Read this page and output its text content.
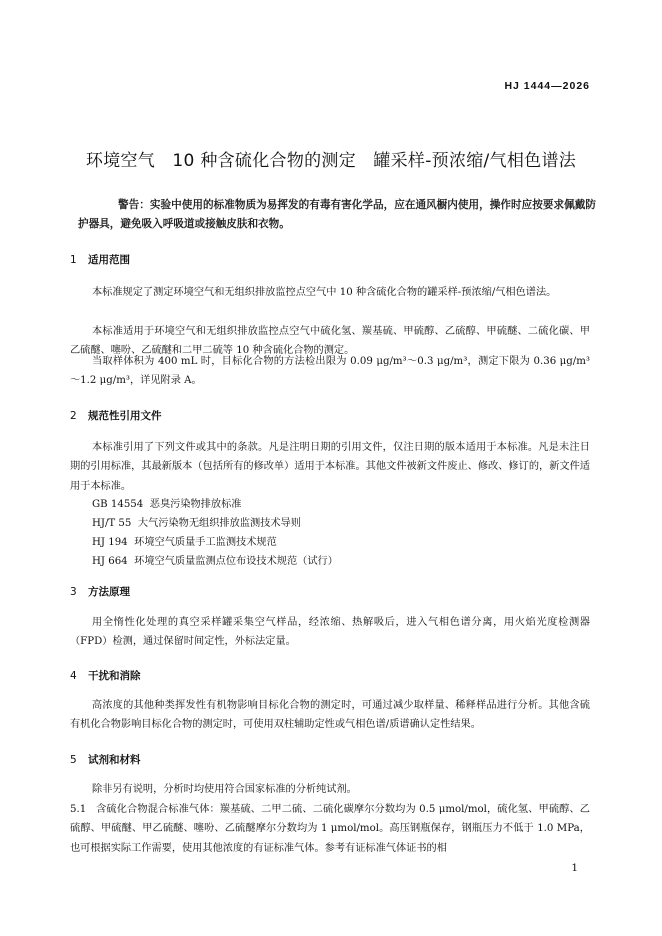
HJ 1444—2026
环境空气　10 种含硫化合物的测定　罐采样-预浓缩/气相色谱法
警告：实验中使用的标准物质为易挥发的有毒有害化学品，应在通风橱内使用，操作时应按要求佩戴防护器具，避免吸入呼吸道或接触皮肤和衣物。
1 适用范围
本标准规定了测定环境空气和无组织排放监控点空气中 10 种含硫化合物的罐采样-预浓缩/气相色谱法。
本标准适用于环境空气和无组织排放监控点空气中硫化氢、羰基硫、甲硫醇、乙硫醇、甲硫醚、二硫化碳、甲乙硫醚、噻吩、乙硫醚和二甲二硫等 10 种含硫化合物的测定。
当取样体积为 400 mL 时，目标化合物的方法检出限为 0.09 μg/m³～0.3 μg/m³，测定下限为 0.36 μg/m³～1.2 μg/m³，详见附录 A。
2 规范性引用文件
本标准引用了下列文件或其中的条款。凡是注明日期的引用文件，仅注日期的版本适用于本标准。凡是未注日期的引用标准，其最新版本（包括所有的修改单）适用于本标准。其他文件被新文件废止、修改、修订的，新文件适用于本标准。
GB 14554 恶臭污染物排放标准
HJ/T 55 大气污染物无组织排放监测技术导则
HJ 194 环境空气质量手工监测技术规范
HJ 664 环境空气质量监测点位布设技术规范（试行）
3 方法原理
用全惰性化处理的真空采样罐采集空气样品，经浓缩、热解吸后，进入气相色谱分离，用火焰光度检测器（FPD）检测，通过保留时间定性，外标法定量。
4 干扰和消除
高浓度的其他种类挥发性有机物影响目标化合物的测定时，可通过减少取样量、稀释样品进行分析。其他含硫有机化合物影响目标化合物的测定时，可使用双柱辅助定性或气相色谱/质谱确认定性结果。
5 试剂和材料
除非另有说明，分析时均使用符合国家标准的分析纯试剂。
5.1 含硫化合物混合标准气体：羰基硫、二甲二硫、二硫化碳摩尔分数均为 0.5 μmol/mol，硫化氢、甲硫醇、乙硫醇、甲硫醚、甲乙硫醚、噻吩、乙硫醚摩尔分数均为 1 μmol/mol。高压钢瓶保存，钢瓶压力不低于 1.0 MPa，也可根据实际工作需要，使用其他浓度的有证标准气体。参考有证标准气体证书的相
1
